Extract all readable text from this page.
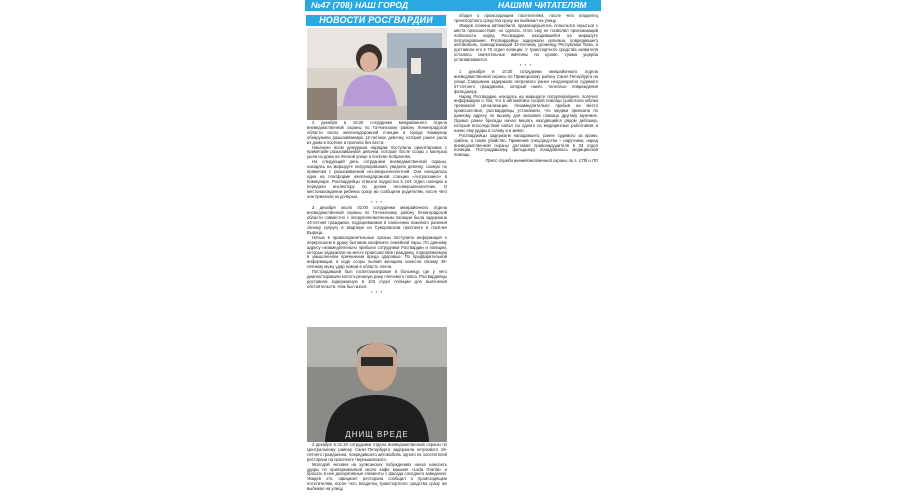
№47 (708) НАШ ГОРОД	НАШИМ ЧИТАТЕЛЯМ
НОВОСТИ РОСГВАРДИИ

3 декабря в 16:20 сотрудники межрайонного отдела вневедомственной охраны по Гатчинскому району Ленинградской области около железнодорожной станции в городе Коммунар обнаружили разыскиваемую 12-летнюю девочку, которая ранее ушла из дома в посёлке и пропала без вести.

Накануне всем дежурным нарядам поступила ориентировка с приметами разыскиваемой девочки, которая после ссоры с матерью ушла из дома на Лесной улице в посёлке Кобралово.

На следующий день сотрудники вневедомственной охраны, находясь на маршруте патрулирования, увидели девочку, схожую по приметам с разыскиваемой несовершеннолетней. Она находилась одна на платформе железнодорожной станции «Антропшино» в Коммунаре. Росгвардейцы отвезли подростка в 104 отдел полиции и передали инспектору по делам несовершеннолетних. О местонахождении ребёнка сразу же сообщили родителям, после чего они приехали за дочерью.

* * *

3 декабря около 01:00 сотрудники межрайонного отдела вневедомственной охраны по Гатчинскому району Ленинградской области совместно с оперуполномоченным полиции была задержана 44-летняя гражданка, подозреваемая в нанесении ножевого ранения своему супругу в квартире на Суворовском проспекте в посёлке Вырица.

Ночью в правоохранительные органы поступила информация о переросшем в драку бытовом конфликте семейной пары. По данному адресу незамедлительно прибыли сотрудники Росгвардии и полиции, которые задержали на месте происшествия гражданку, подозреваемую в умышленном причинении вреда здоровью. По предварительной информации, в ходе ссоры пьяная женщина нанесла своему 39-летнему мужу удар ножом в область плеча.

Пострадавший был госпитализирован в больницу, где у него диагностировали колото-резаную рану плечевого пояса. Росгвардейцы доставили задержанную в 103 отдел полиции для выяснения обстоятельств. Нож был изъят.

* * *

ДНИЩ ВРЕДЕ

2 декабря в 01:30 сотрудники отдела вневедомственной охраны по Центральному району Санкт-Петербурга задержали нетрезвого 19-летнего гражданина, повредившего автомобиль одного из посетителей ресторана на проспекте Чернышевского.

Молодой человек на хулиганских побуждениях начал наносить удары по припаркованной около кафе машине «Lada Granta» и бросать в нее декоративные элементы с фасада соседнего заведения. Увидев это, официант ресторана сообщил о происходящем посетителям, после чего владелец транспортного средства сразу же выбежал на улицу.

общил о происходящем посетителям, после чего владелец транспортного средства сразу же выбежал на улицу.

Увидев хозяина автомобиля, правонарушитель попытался скрыться с места происшествия, но сделать этого ему не позволил проезжающий поблизости наряд Росгвардии, находившийся на маршруте патрулирования. Росгвардейцы задержали хулигана, повредившего автомобиль, принадлежащий 23-летнему уроженцу Республики Тыва, и доставили его в 78 отдел полиции. У транспортного средства заявителя остались значительные вмятины на кузове, сумма ущерба устанавливается.

* * *

1 декабря в 10:20 сотрудники межрайонного отдела вневедомственной охраны по Приморскому району Санкт-Петербурга на улице Савушкина задержали нетрезвого ранее неоднократно судимого 37-летнего гражданина, который нанёс телесные повреждения фельдшеру.

Наряд Росгвардии, находясь на маршруте патрулирования, получил информацию о том, что в автомобиле скорой помощи сработала кнопка тревожной сигнализации. Незамедлительно прибыв на место происшествия, росгвардейцы установили, что медики приехали по данному адресу по вызову для оказания помощи другому мужчине. Однако ранее бригады начал вешать находящийся рядом дебошир, который впоследствии напал на одного из медицинских работников и нанес ему удары в голову и в живот.

Росгвардейцы задержали нападавшего, ранее судимого за кражи, грабеж, а также убийство. Применив спецсредства – наручники, наряд вневедомственной охраны доставил правонарушителя в 33 отдел полиции. Пострадавшему фельдшеру понадобилась медицинская помощь.

Пресс-служба вневедомственной охраны по г. СПб и ЛО
